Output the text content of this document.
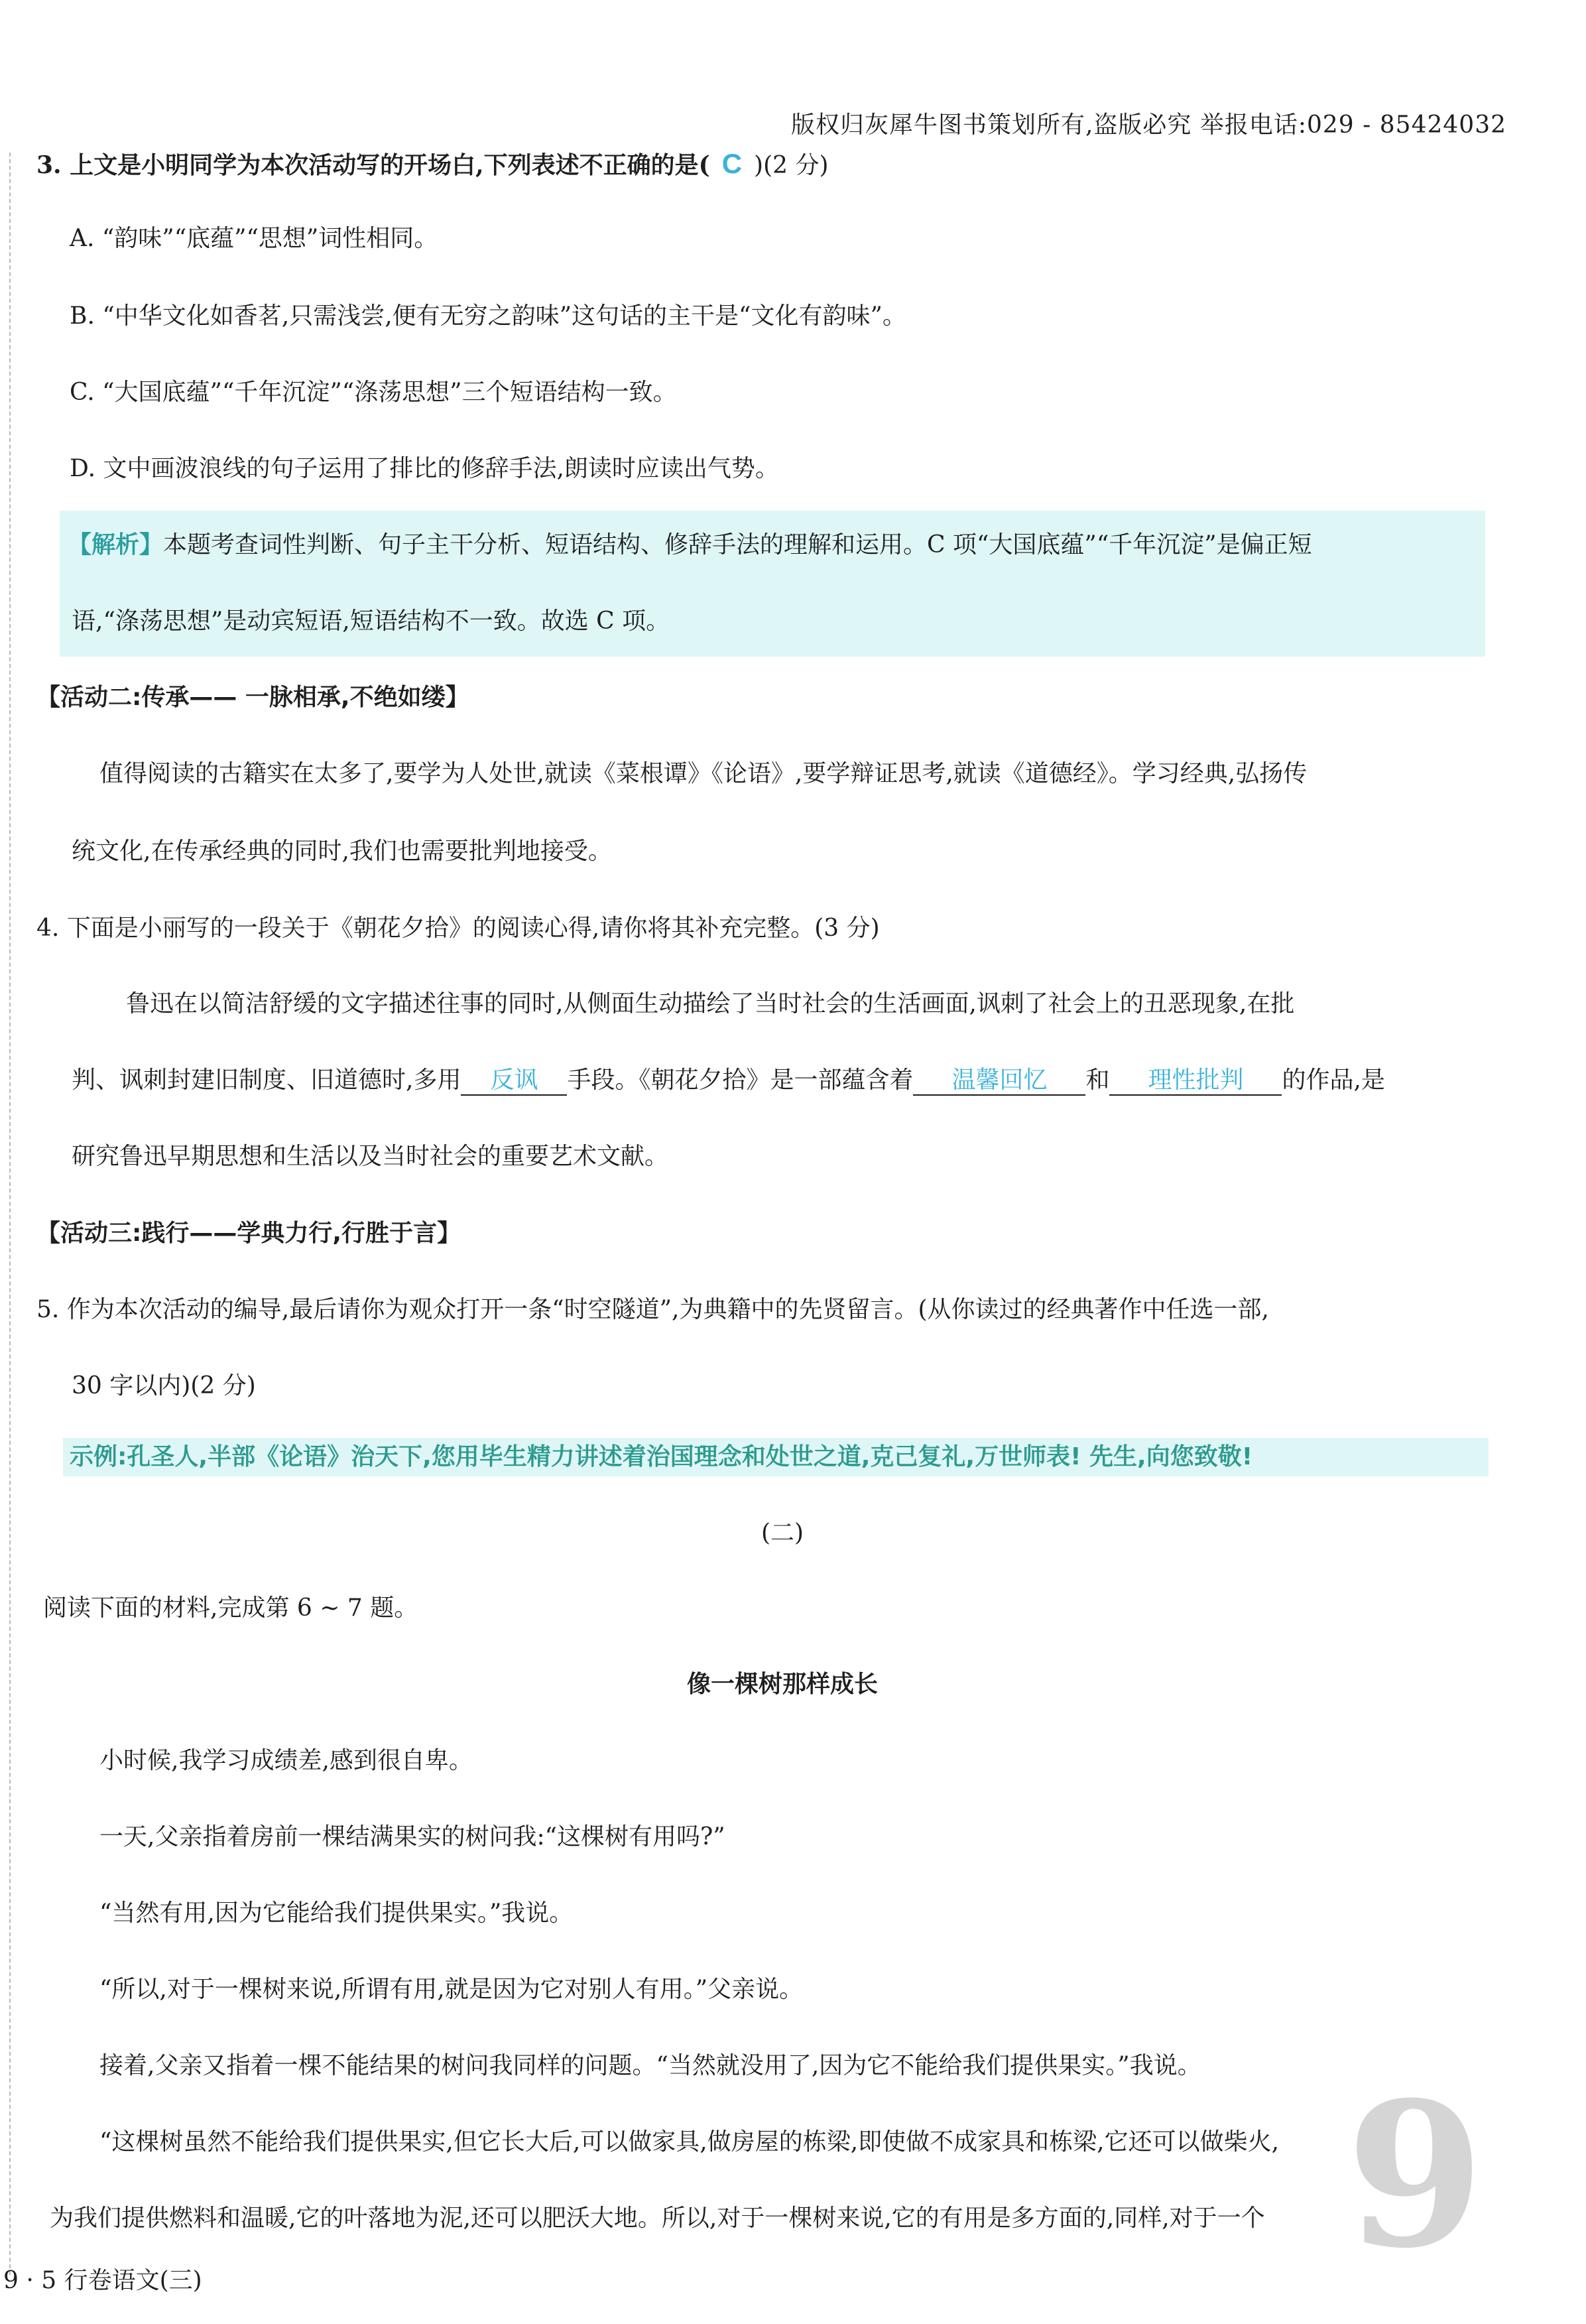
版权归灰犀牛图书策划所有,盗版必究 举报电话:029 - 85424032
3. 上文是小明同学为本次活动写的开场白,下列表述不正确的是( C )(2 分)
A. “韵味”“底蕴”“思想”词性相同。
B. “中华文化如香茗,只需浅尝,便有无穷之韵味”这句话的主干是“文化有韵味”。
C. “大国底蕴”“千年沉淀”“涤荡思想”三个短语结构一致。
D. 文中画波浪线的句子运用了排比的修辞手法,朗读时应读出气势。
【解析】本题考查词性判断、句子主干分析、短语结构、修辞手法的理解和运用。C 项“大国底蕴”“千年沉淀”是偏正短
语,“涤荡思想”是动宾短语,短语结构不一致。故选 C 项。
【活动二:传承—— 一脉相承,不绝如缕】
值得阅读的古籍实在太多了,要学为人处世,就读《菜根谭》《论语》,要学辩证思考,就读《道德经》。学习经典,弘扬传
统文化,在传承经典的同时,我们也需要批判地接受。
4. 下面是小丽写的一段关于《朝花夕拾》的阅读心得,请你将其补充完整。(3 分)
鲁迅在以简洁舒缓的文字描述往事的同时,从侧面生动描绘了当时社会的生活画面,讽刺了社会上的丑恶现象,在批
判、讽刺封建旧制度、旧道德时,多用 反讽 手段。《朝花夕拾》是一部蕴含着 温馨回忆 和 理性批判 的作品,是
研究鲁迅早期思想和生活以及当时社会的重要艺术文献。
【活动三:践行——学典力行,行胜于言】
5. 作为本次活动的编导,最后请你为观众打开一条“时空隧道”,为典籍中的先贤留言。(从你读过的经典著作中任选一部,
30 字以内)(2 分)
示例:孔圣人,半部《论语》治天下,您用毕生精力讲述着治国理念和处世之道,克己复礼,万世师表! 先生,向您致敬!
(二)
阅读下面的材料,完成第 6 ~ 7 题。
像一棵树那样成长
小时候,我学习成绩差,感到很自卑。
一天,父亲指着房前一棵结满果实的树问我:“这棵树有用吗?”
“当然有用,因为它能给我们提供果实。”我说。
“所以,对于一棵树来说,所谓有用,就是因为它对别人有用。”父亲说。
接着,父亲又指着一棵不能结果的树问我同样的问题。“当然就没用了,因为它不能给我们提供果实。”我说。 9
“这棵树虽然不能给我们提供果实,但它长大后,可以做家具,做房屋的栋梁,即使做不成家具和栋梁,它还可以做柴火,
为我们提供燃料和温暖,它的叶落地为泥,还可以肥沃大地。所以,对于一棵树来说,它的有用是多方面的,同样,对于一个
9 · 5 行卷语文(三)
